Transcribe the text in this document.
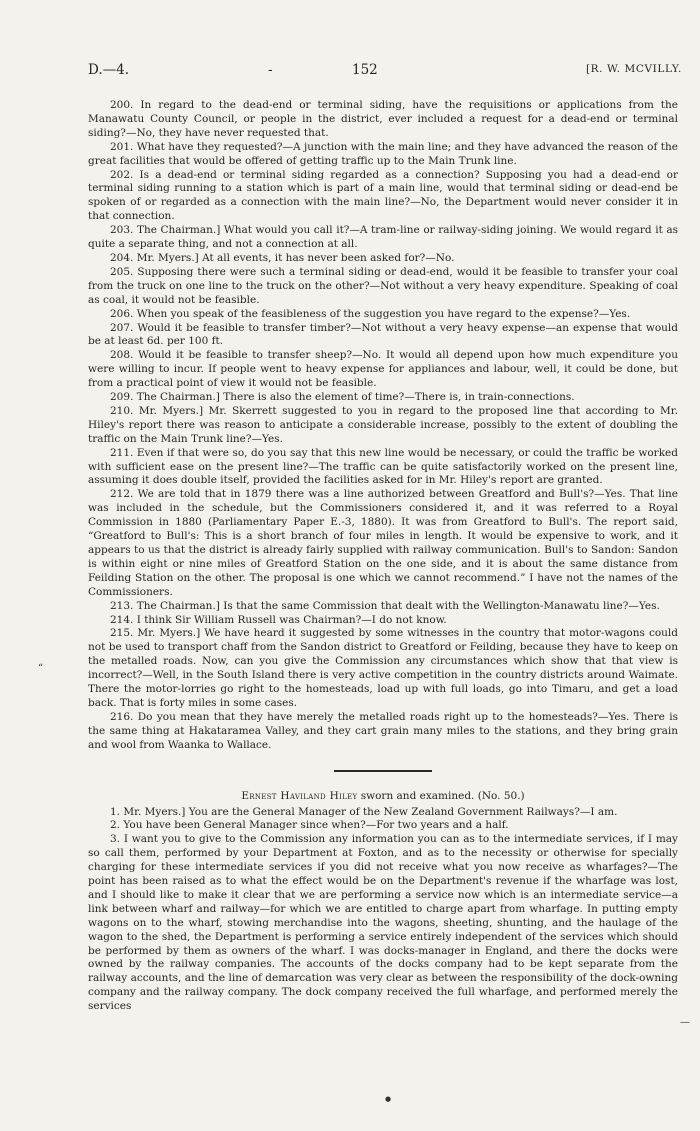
D.—4.	-	152	[R. W. MCVILLY.

200. In regard to the dead-end or terminal siding, have the requisitions or applications from the Manawatu County Council, or people in the district, ever included a request for a dead-end or terminal siding?—No, they have never requested that.

201. What have they requested?—A junction with the main line; and they have advanced the reason of the great facilities that would be offered of getting traffic up to the Main Trunk line.

202. Is a dead-end or terminal siding regarded as a connection? Supposing you had a dead-end or terminal siding running to a station which is part of a main line, would that terminal siding or dead-end be spoken of or regarded as a connection with the main line?—No, the Department would never consider it in that connection.

203. The Chairman.] What would you call it?—A tram-line or railway-siding joining. We would regard it as quite a separate thing, and not a connection at all.

204. Mr. Myers.] At all events, it has never been asked for?—No.

205. Supposing there were such a terminal siding or dead-end, would it be feasible to transfer your coal from the truck on one line to the truck on the other?—Not without a very heavy expenditure. Speaking of coal as coal, it would not be feasible.

206. When you speak of the feasibleness of the suggestion you have regard to the expense?—Yes.

207. Would it be feasible to transfer timber?—Not without a very heavy expense—an expense that would be at least 6d. per 100 ft.

208. Would it be feasible to transfer sheep?—No. It would all depend upon how much expenditure you were willing to incur. If people went to heavy expense for appliances and labour, well, it could be done, but from a practical point of view it would not be feasible.

209. The Chairman.] There is also the element of time?—There is, in train-connections.

210. Mr. Myers.] Mr. Skerrett suggested to you in regard to the proposed line that according to Mr. Hiley's report there was reason to anticipate a considerable increase, possibly to the extent of doubling the traffic on the Main Trunk line?—Yes.

211. Even if that were so, do you say that this new line would be necessary, or could the traffic be worked with sufficient ease on the present line?—The traffic can be quite satisfactorily worked on the present line, assuming it does double itself, provided the facilities asked for in Mr. Hiley's report are granted.

212. We are told that in 1879 there was a line authorized between Greatford and Bull's?—Yes. That line was included in the schedule, but the Commissioners considered it, and it was referred to a Royal Commission in 1880 (Parliamentary Paper E.-3, 1880). It was from Greatford to Bull's. The report said, “Greatford to Bull's: This is a short branch of four miles in length. It would be expensive to work, and it appears to us that the district is already fairly supplied with railway communication. Bull's to Sandon: Sandon is within eight or nine miles of Greatford Station on the one side, and it is about the same distance from Feilding Station on the other. The proposal is one which we cannot recommend.” I have not the names of the Commissioners.

213. The Chairman.] Is that the same Commission that dealt with the Wellington-Manawatu line?—Yes.

214. I think Sir William Russell was Chairman?—I do not know.

215. Mr. Myers.] We have heard it suggested by some witnesses in the country that motor-wagons could not be used to transport chaff from the Sandon district to Greatford or Feilding, because they have to keep on the metalled roads. Now, can you give the Commission any circumstances which show that that view is incorrect?—Well, in the South Island there is very active competition in the country districts around Waimate. There the motor-lorries go right to the homesteads, load up with full loads, go into Timaru, and get a load back. That is forty miles in some cases.

216. Do you mean that they have merely the metalled roads right up to the homesteads?—Yes. There is the same thing at Hakataramea Valley, and they cart grain many miles to the stations, and they bring grain and wool from Waanka to Wallace.

Ernest Haviland Hiley sworn and examined. (No. 50.)

1. Mr. Myers.] You are the General Manager of the New Zealand Government Railways?—I am.

2. You have been General Manager since when?—For two years and a half.

3. I want you to give to the Commission any information you can as to the intermediate services, if I may so call them, performed by your Department at Foxton, and as to the necessity or otherwise for specially charging for these intermediate services if you did not receive what you now receive as wharfages?—The point has been raised as to what the effect would be on the Department's revenue if the wharfage was lost, and I should like to make it clear that we are performing a service now which is an intermediate service—a link between wharf and railway—for which we are entitled to charge apart from wharfage. In putting empty wagons on to the wharf, stowing merchandise into the wagons, sheeting, shunting, and the haulage of the wagon to the shed, the Department is performing a service entirely independent of the services which should be performed by them as owners of the wharf. I was docks-manager in England, and there the docks were owned by the railway companies. The accounts of the docks company had to be kept separate from the railway accounts, and the line of demarcation was very clear as between the responsibility of the dock-owning company and the railway company. The dock company received the full wharfage, and performed merely the services

“
—
●
